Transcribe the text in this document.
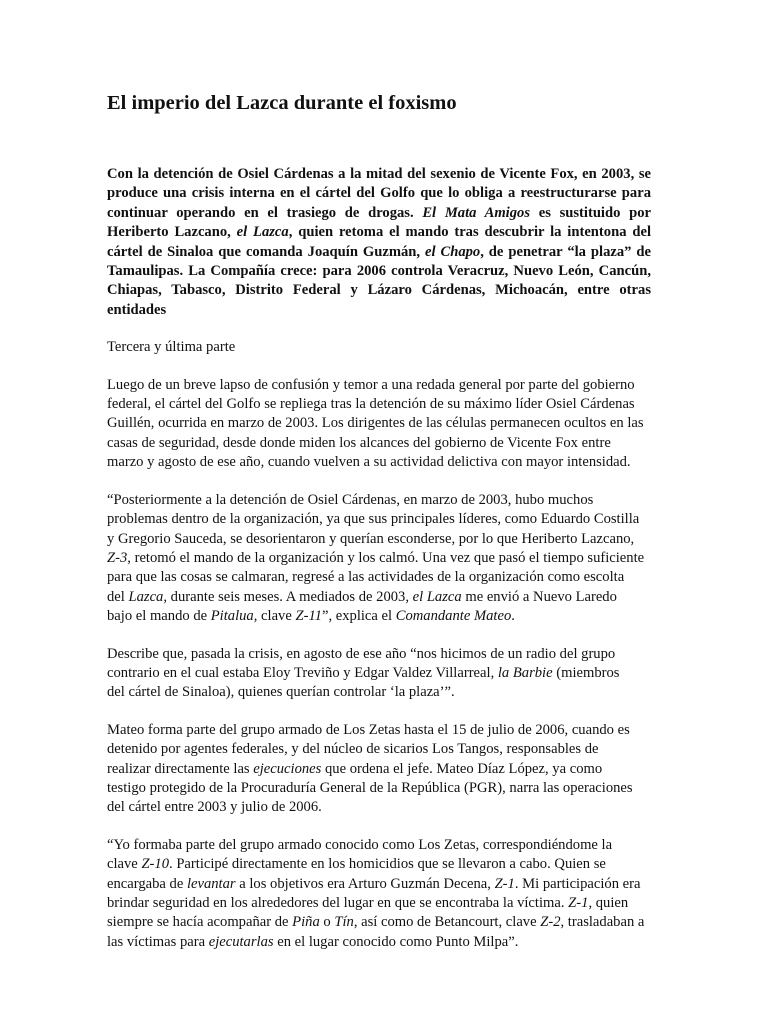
El imperio del Lazca durante el foxismo
Con la detención de Osiel Cárdenas a la mitad del sexenio de Vicente Fox, en 2003, se
produce una crisis interna en el cártel del Golfo que lo obliga a reestructurarse para
continuar operando en el trasiego de drogas. El Mata Amigos es sustituido por
Heriberto Lazcano, el Lazca, quien retoma el mando tras descubrir la intentona del
cártel de Sinaloa que comanda Joaquín Guzmán, el Chapo, de penetrar “la plaza” de
Tamaulipas. La Compañía crece: para 2006 controla Veracruz, Nuevo León, Cancún,
Chiapas, Tabasco, Distrito Federal y Lázaro Cárdenas, Michoacán, entre otras
entidades
Tercera y última parte
Luego de un breve lapso de confusión y temor a una redada general por parte del gobierno
federal, el cártel del Golfo se repliega tras la detención de su máximo líder Osiel Cárdenas
Guillén, ocurrida en marzo de 2003. Los dirigentes de las células permanecen ocultos en las
casas de seguridad, desde donde miden los alcances del gobierno de Vicente Fox entre
marzo y agosto de ese año, cuando vuelven a su actividad delictiva con mayor intensidad.
“Posteriormente a la detención de Osiel Cárdenas, en marzo de 2003, hubo muchos
problemas dentro de la organización, ya que sus principales líderes, como Eduardo Costilla
y Gregorio Sauceda, se desorientaron y querían esconderse, por lo que Heriberto Lazcano,
Z-3, retomó el mando de la organización y los calmó. Una vez que pasó el tiempo suficiente
para que las cosas se calmaran, regresé a las actividades de la organización como escolta
del Lazca, durante seis meses. A mediados de 2003, el Lazca me envió a Nuevo Laredo
bajo el mando de Pitalua, clave Z-11”, explica el Comandante Mateo.
Describe que, pasada la crisis, en agosto de ese año “nos hicimos de un radio del grupo
contrario en el cual estaba Eloy Treviño y Edgar Valdez Villarreal, la Barbie (miembros
del cártel de Sinaloa), quienes querían controlar ‘la plaza’”.
Mateo forma parte del grupo armado de Los Zetas hasta el 15 de julio de 2006, cuando es
detenido por agentes federales, y del núcleo de sicarios Los Tangos, responsables de
realizar directamente las ejecuciones que ordena el jefe. Mateo Díaz López, ya como
testigo protegido de la Procuraduría General de la República (PGR), narra las operaciones
del cártel entre 2003 y julio de 2006.
“Yo formaba parte del grupo armado conocido como Los Zetas, correspondiéndome la
clave Z-10. Participé directamente en los homicidios que se llevaron a cabo. Quien se
encargaba de levantar a los objetivos era Arturo Guzmán Decena, Z-1. Mi participación era
brindar seguridad en los alrededores del lugar en que se encontraba la víctima. Z-1, quien
siempre se hacía acompañar de Piña o Tín, así como de Betancourt, clave Z-2, trasladaban a
las víctimas para ejecutarlas en el lugar conocido como Punto Milpa”.
